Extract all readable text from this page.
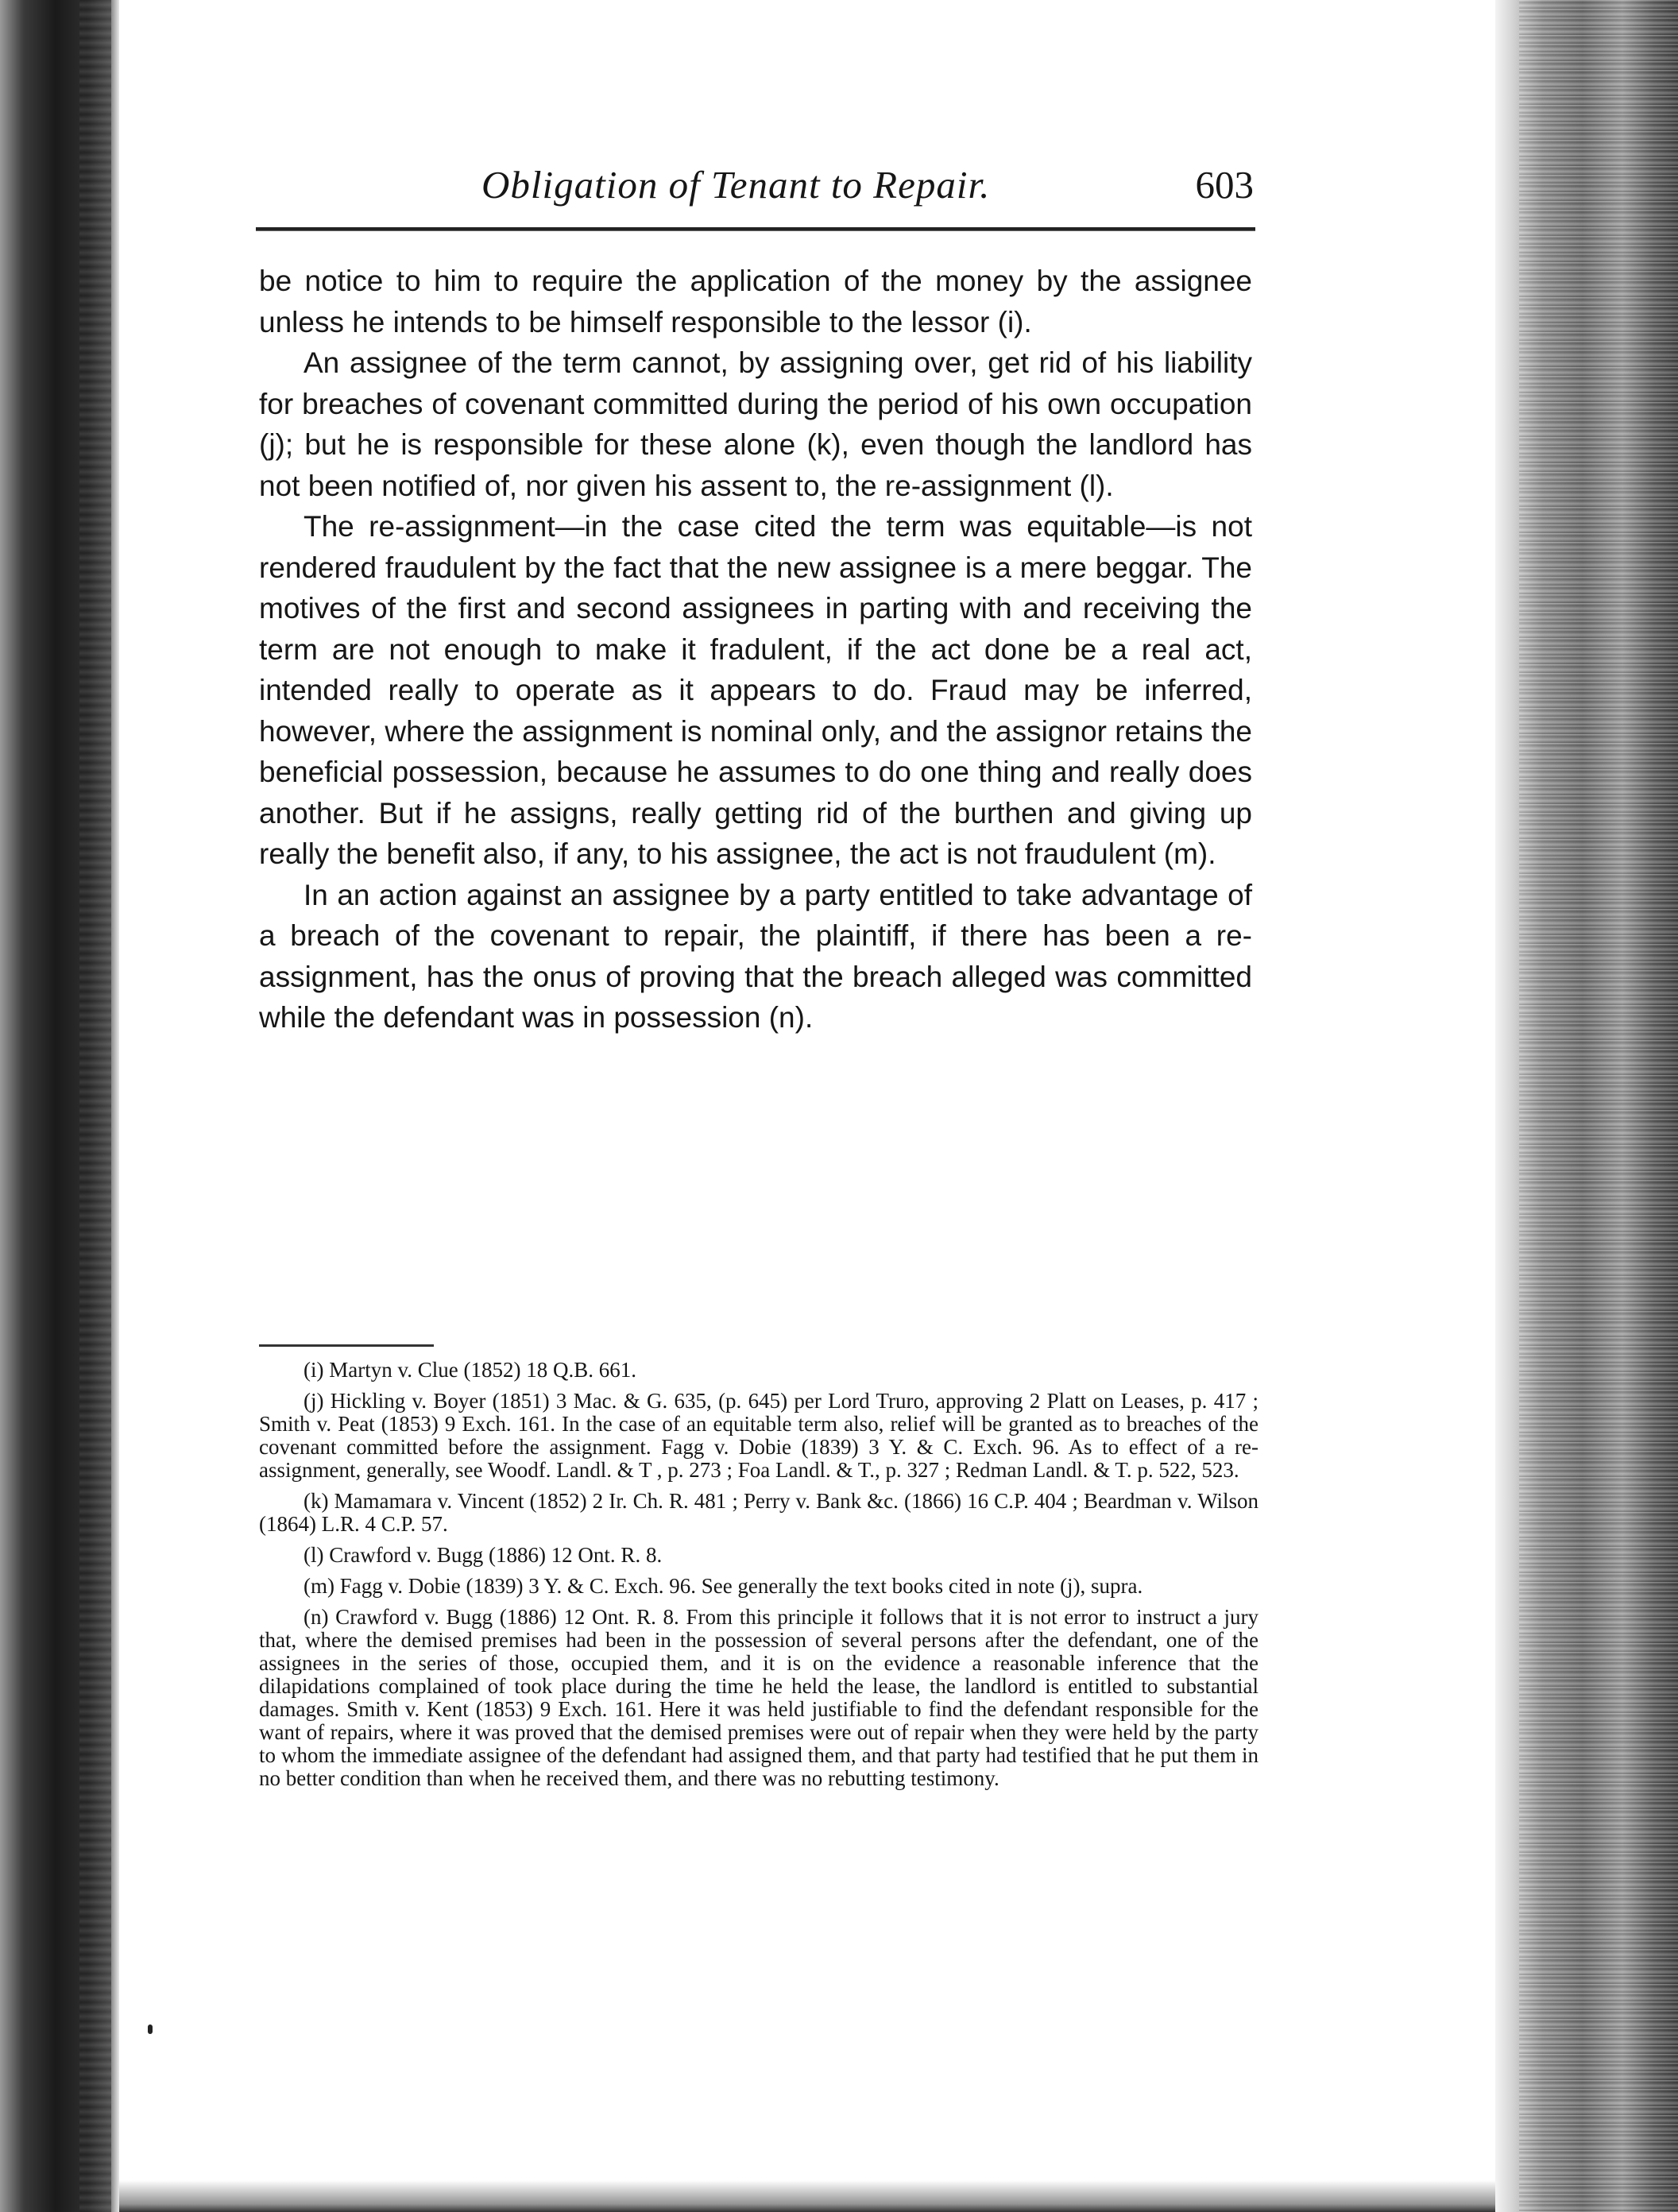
Obligation of Tenant to Repair.	603

be notice to him to require the application of the money by the assignee unless he intends to be himself responsible to the lessor (i).

An assignee of the term cannot, by assigning over, get rid of his liability for breaches of covenant committed during the period of his own occupation (j); but he is responsible for these alone (k), even though the landlord has not been notified of, nor given his assent to, the re-assignment (l).

The re-assignment—in the case cited the term was equitable—is not rendered fraudulent by the fact that the new assignee is a mere beggar. The motives of the first and second assignees in parting with and receiving the term are not enough to make it fradulent, if the act done be a real act, intended really to operate as it appears to do. Fraud may be inferred, however, where the assignment is nominal only, and the assignor retains the beneficial possession, because he assumes to do one thing and really does another. But if he assigns, really getting rid of the burthen and giving up really the benefit also, if any, to his assignee, the act is not fraudulent (m).

In an action against an assignee by a party entitled to take advantage of a breach of the covenant to repair, the plaintiff, if there has been a re-assignment, has the onus of proving that the breach alleged was committed while the defendant was in possession (n).

(i) Martyn v. Clue (1852) 18 Q.B. 661.

(j) Hickling v. Boyer (1851) 3 Mac. & G. 635, (p. 645) per Lord Truro, approving 2 Platt on Leases, p. 417 ; Smith v. Peat (1853) 9 Exch. 161. In the case of an equitable term also, relief will be granted as to breaches of the covenant committed before the assignment. Fagg v. Dobie (1839) 3 Y. & C. Exch. 96. As to effect of a re-assignment, generally, see Woodf. Landl. & T , p. 273 ; Foa Landl. & T., p. 327 ; Redman Landl. & T. p. 522, 523.

(k) Mamamara v. Vincent (1852) 2 Ir. Ch. R. 481 ; Perry v. Bank &c. (1866) 16 C.P. 404 ; Beardman v. Wilson (1864) L.R. 4 C.P. 57.

(l) Crawford v. Bugg (1886) 12 Ont. R. 8.

(m) Fagg v. Dobie (1839) 3 Y. & C. Exch. 96. See generally the text books cited in note (j), supra.

(n) Crawford v. Bugg (1886) 12 Ont. R. 8. From this principle it follows that it is not error to instruct a jury that, where the demised premises had been in the possession of several persons after the defendant, one of the assignees in the series of those, occupied them, and it is on the evidence a reasonable inference that the dilapidations complained of took place during the time he held the lease, the landlord is entitled to substantial damages. Smith v. Kent (1853) 9 Exch. 161. Here it was held justifiable to find the defendant responsible for the want of repairs, where it was proved that the demised premises were out of repair when they were held by the party to whom the immediate assignee of the defendant had assigned them, and that party had testified that he put them in no better condition than when he received them, and there was no rebutting testimony.
